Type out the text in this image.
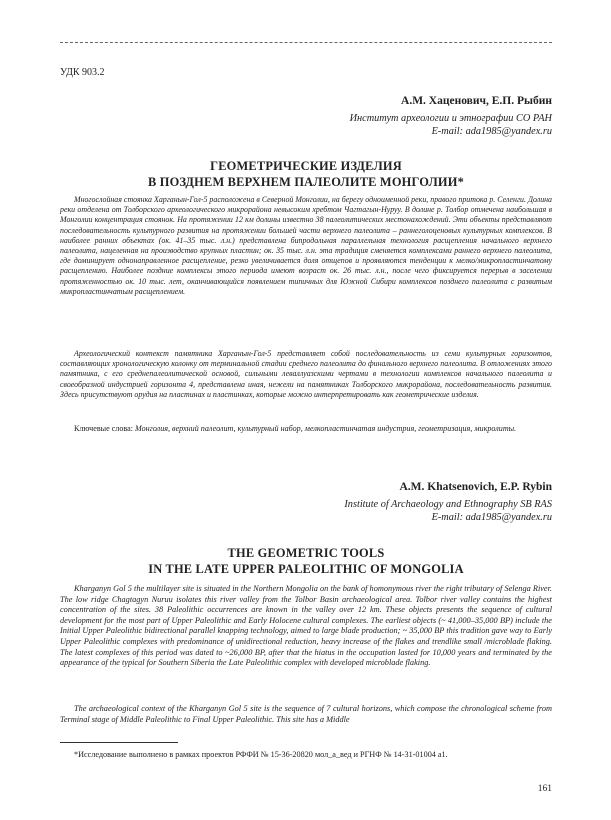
УДК 903.2
А.М. Хаценович, Е.П. Рыбин
Институт археологии и этнографии СО РАН
E-mail: ada1985@yandex.ru
ГЕОМЕТРИЧЕСКИЕ ИЗДЕЛИЯ
В ПОЗДНЕМ ВЕРХНЕМ ПАЛЕОЛИТЕ МОНГОЛИИ*

Многослойная стоянка Харганын-Гол-5 расположена в Северной Монголии, на берегу одноименной реки, правого притока р. Селенги. Долина реки отделена от Толборского археологического микрорайона невысоким хребтом Чагтагын-Нуруу. В долине р. Толбор отмечена наибольшая в Монголии концентрация стоянок. На протяжении 12 км долины известно 38 палеолитических местонахождений. Эти объекты представляют последовательность культурного развития на протяжении большей части верхнего палеолита – раннеголоценовых культурных комплексов. В наиболее ранних объектах (ок. 41–35 тыс. л.н.) представлена бипродольная параллельная технология расщепления начального верхнего палеолита, нацеленная на производство крупных пластин; ок. 35 тыс. л.н. эта традиция сменяется комплексами раннего верхнего палеолита, где доминирует однонаправленное расщепление, резко увеличивается доля отщепов и проявляются тенденции к мелко/микропластинчатому расщеплению. Наиболее поздние комплексы этого периода имеют возраст ок. 26 тыс. л.н., после чего фиксируется перерыв в заселении протяженностью ок. 10 тыс. лет, оканчивающийся появлением типичных для Южной Сибири комплексов позднего палеолита с развитым микропластинчатым расщеплением.

Археологический контекст памятника Харганын-Гол-5 представляет собой последовательность из семи культурных горизонтов, составляющих хронологическую колонку от терминальной стадии среднего палеолита до финального верхнего палеолита. В отложениях этого памятника, с его среднепалеолитической основой, сильными леваллуазскими чертами в технологии комплексов начального палеолита и своеобразной индустрией горизонта 4, представлена иная, нежели на памятниках Толборского микрорайона, последовательность развития. Здесь присутствуют орудия на пластинах и пластинках, которые можно интерпретировать как геометрические изделия.

Ключевые слова: Монголия, верхний палеолит, культурный набор, мелкопластинчатая индустрия, геометризация, микролиты.

A.M. Khatsenovich, E.P. Rybin
Institute of Archaeology and Ethnography SB RAS
E-mail: ada1985@yandex.ru
THE GEOMETRIC TOOLS
IN THE LATE UPPER PALEOLITHIC OF MONGOLIA

Kharganyn Gol 5 the multilayer site is situated in the Northern Mongolia on the bank of homonymous river the right tributary of Selenga River. The low ridge Chagtagyn Nuruu isolates this river valley from the Tolbor Basin archaeological area. Tolbor river valley contains the highest concentration of the sites. 38 Paleolithic occurrences are known in the valley over 12 km. These objects presents the sequence of cultural development for the most part of Upper Paleolithic and Early Holocene cultural complexes. The earliest objects (~ 41,000–35,000 BP) include the Initial Upper Paleolithic bidirectional parallel knapping technology, aimed to large blade production; ~ 35,000 BP this tradition gave way to Early Upper Paleolithic complexes with predominance of unidirectional reduction, heavy increase of the flakes and trendlike small /microblade flaking. The latest complexes of this period was dated to ~26,000 BP, after that the hiatus in the occupation lasted for 10,000 years and terminated by the appearance of the typical for Southern Siberia the Late Paleolithic complex with developed microblade flaking.

The archaeological context of the Kharganyn Gol 5 site is the sequence of 7 cultural horizons, which compose the chronological scheme from Terminal stage of Middle Paleolithic to Final Upper Paleolithic. This site has a Middle

*Исследование выполнено в рамках проектов РФФИ № 15-36-20820 мол_а_вед и РГНФ № 14-31-01004 а1.
161
